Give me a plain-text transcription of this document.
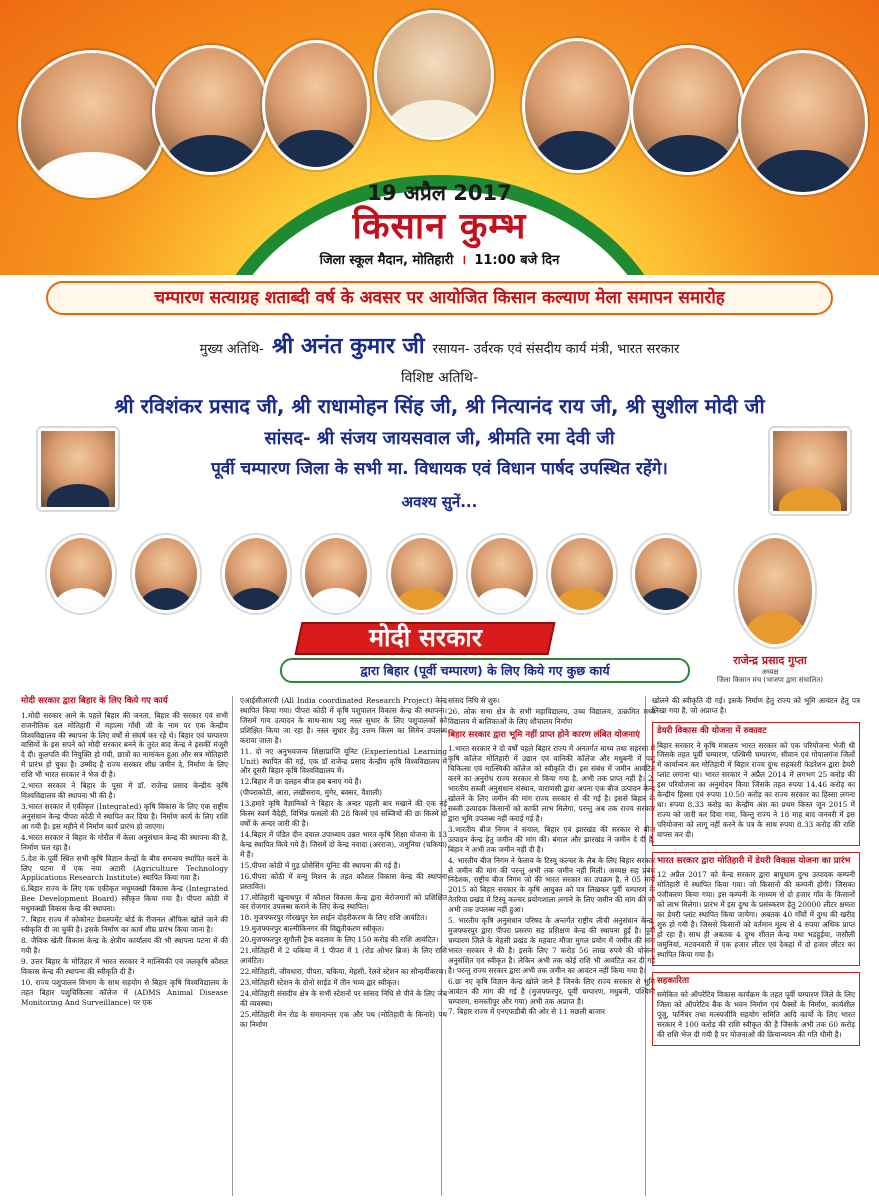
19 अप्रैल 2017
किसान कुम्भ
जिला स्कूल मैदान, मोतिहारी । 11:00 बजे दिन
चम्पारण सत्याग्रह शताब्दी वर्ष के अवसर पर आयोजित किसान कल्याण मेला समापन समारोह
मुख्य अतिथि- श्री अनंत कुमार जी रसायन- उर्वरक एवं संसदीय कार्य मंत्री, भारत सरकार
विशिष्ट अतिथि-
श्री रविशंकर प्रसाद जी, श्री राधामोहन सिंह जी, श्री नित्यानंद राय जी, श्री सुशील मोदी जी
सांसद- श्री संजय जायसवाल जी, श्रीमति रमा देवी जी
पूर्वी चम्पारण जिला के सभी मा. विधायक एवं विधान पार्षद उपस्थित रहेंगे।
अवश्य सुनें...
राजेन्द्र प्रसाद गुप्ता
अध्यक्ष
जिला किसान मंच (भाजपा द्वारा संचालित)
मोदी सरकार
द्वारा बिहार (पूर्वी चम्पारण) के लिए किये गए कुछ कार्य
मोदी सरकार द्वारा बिहार के लिए किये गए कार्य

1.मोदी सरकार आने के पहले बिहार की जनता, बिहार की सरकार एवं सभी राजनीतिक दल मोतिहारी में महात्मा गाँधी जी के नाम पर एक केन्द्रीय विश्वविद्यालय की स्थापना के लिए वर्षों से संघर्ष कर रहे थे। बिहार एवं चम्पारण वासियों के इस सपने को मोदी सरकार बनने के तुरंत बाद केन्द्र ने इसकी मंजूरी दे दी। कुलपति की नियुक्ति हो गयी, छात्रों का नामांकन हुआ और सत्र मोतिहारी में प्रारंभ हो चुका है। उम्मीद है राज्य सरकार शीघ्र जमीन दे, निर्माण के लिए राशि भी भारत सरकार ने भेज दी है।

2.भारत सरकार ने बिहार के पूसा में डॉ. राजेन्द्र प्रसाद केन्द्रीय कृषि विश्वविद्यालय की स्थापना भी की है।

3.भारत सरकार में एकीकृत (Integrated) कृषि विकास के लिए एक राष्ट्रीय अनुसंधान केन्द्र पीपरा कोठी में स्थापित कर दिया है। निर्माण कार्य के लिए राशि आ गयी है। इस महीने में निर्माण कार्य प्रारंभ हो जाएगा।

4.भारत सरकार ने बिहार के गोरौल में केला अनुसंधान केन्द्र की स्थापना की है, निर्माण चल रहा है।

5.देश के पूर्वी स्थित सभी कृषि विज्ञान केन्द्रों के बीच समन्वय स्थापित करने के लिए पटना में एक नया अटारी (Agriculture Technology Applications Research Institute) स्थापित किया गया है।

6.बिहार राज्य के लिए एक एकीकृत मधुमक्खी विकास केन्द्र (Integrated Bee Development Board) स्वीकृत किया गया है। पीपरा कोठी में मधुमक्खी विकास केन्द्र की स्थापना।

7. बिहार राज्य में कोकोनट डेवलपमेंट बोर्ड के रीजनल ऑफिस खोले जाने की स्वीकृति दी जा चुकी है। इसके निर्माण का कार्य शीघ्र प्रारंभ किया जाना है।

8. जैविक खेती विकास केन्द्र के क्षेत्रीय कार्यालय की भी स्थापना पटना में की गयी है।

9. उत्तर बिहार के मोतिहार में भारत सरकार ने मात्स्यिकी एवं जलकृषि कौशल विकास केन्द्र की स्थापना की स्वीकृति दी है।

10. राज्य पशुपालन विभाग के साथ सहयोग से बिहार कृषि विश्वविद्यालय के तहत बिहार पशुचिकित्सा कॉलेज में (ADMS Animal Disease Monitoring And Surveillance) पर एक

एआईसीआरपी (All India coordinated Research Project) केन्द्र स्थापित किया गया। पीपरा कोठी में कृषि पशुपालन विकास केन्द्र की स्थापना। जिसमें गाय उत्पादन के साथ-साथ पशु नस्ल सुधार के लिए पशुपालकों को प्रशिक्षित किया जा रहा है। नस्ल सुधार हेतु उत्तम किस्म का सिमेन उपलब्ध कराया जाता है।

11. दो नए अनुभवजन्य शिक्षाप्राप्ति यूनिट (Experiential Learning Unit) स्थापित की गई, एक डॉ राजेन्द्र प्रसाद केन्द्रीय कृषि विश्वविद्यालय में और दूसरी बिहार कृषि विश्वविद्यालय में।

12.बिहार में छः दलहन बीज हब बनाए गये हैं।

(पीपराकोठी, आरा, लखीसराय, मुंगेर, बक्सर, वैशाली)

13.हमारे कृषि वैज्ञानिकों ने बिहार के अन्दर पहली बार मखाने की एक नई किस्म स्वर्ण वैदेही, विभिन्न फसलों की 28 किस्में एवं सब्जियों की छः किस्में दो वर्षों के अन्दर जारी की है।

14.बिहार में पंडित दीन दयाल उपाध्याय उन्नत भारत कृषि शिक्षा योजना के 13 केन्द्र स्थापित किये गये हैं। जिसमें दो केन्द्र नवादा (अरराज), जमुनिया (चकिया) में हैं।

15.पीपरा कोठी में गुड़ प्रोसेसिंग यूनिट की स्थापना की गई है।

16.पीपरा कोठी में वन्यु मिशन के तहत कौशल विकास केन्द्र की स्थापना प्रस्तावित।

17.मोतिहारी खुनाथपुर में कौशल विकास केन्द्र द्वारा बेरोजगारों को प्रशिक्षित कर रोजगार उपलब्ध कराने के लिए केन्द्र स्थापित।

18. मुजफ्फरपुर गोरखपुर रेल लाईन दोहरीकरण के लिए राशि आवंटित।

19.मुजफ्फरपुर बाल्मीकिनगर की विद्युतीकरण स्वीकृत।

20.मुजफ्फरपुर सुगौली ट्रैक बदलाव के लिए 150 करोड़ की राशि आवंटित।

21.मोतिहारी में 2 चकिया में 1 पीपरा में 1 (रोड ओभर ब्रिज) के लिए राशि आवंटित।

22.मोतिहारी, जीवधारा, पीपरा, चकिया, मेहसी, रेलवे स्टेशन का सौन्दर्यीकरण।

23.मोतिहारी स्टेशन के दोनो साईड में तीन भव्य द्वार स्वीकृत।

24.मोतिहारी संसदीय क्षेत्र के सभी स्टेशनों पर सांसद निधि से पीने के लिए जेब की व्यवस्था।

25.मोतिहारी मेन रोड के समानान्तर एक और पथ (मोतिहारी के किनारे) पथ का निर्माण

सांसद निधि से शुरु।

26. लोक सभा क्षेत्र के सभी महाविद्यालय, उच्च विद्यालय, उत्क्रमित मध्य विद्यालय में बालिकाओं के लिए शौचालय निर्माण

बिहार सरकार द्वारा भूमि नहीं प्राप्त होने कारण लंबित योजनाएं

1.भारत सरकार ने दो वर्षों पहले बिहार राज्य में अनतर्गत माध्य तथा सहरसा में कृषि कॉलेज मोतिहारी में उद्यान एवं वानिकी कॉलेज और मधुबनी में पशु चिकित्सा एवं मात्स्यिकी कॉलेज को स्वीकृति दी। इस संबंध में जमीन आवंटित करने का अनुरोध राज्य सरकार से किया गया है, अभी तक प्राप्त नहीं है। 2. भारतीय सब्जी अनुसंधान संस्थान, वाराणसी द्वारा अपना एक बीज उत्पादन केन्द्र खोलने के लिए जमीन की मांग राज्य सरकार से की गई है। इससे बिहार के सब्जी उत्पादक किसानों को काफी लाभ मिलेगा, परन्तु अब तक राज्य सरकार द्वारा भूमि उपलब्ध नहीं कराई गई है।

3.भारतीय बीज निगम ने संयाल, बिहार एवं झारखंड की सरकार से बीज उत्पादन केन्द्र हेतु जमीन की मांग की। बंगाल और झारखंड ने जमीन दे दी है, बिहार ने अभी तक जमीन नहीं दी है।

4. भारतीय बीज निगम ने फेलाव के टिस्यू कल्चर के लैब के लिए बिहार सरकार से जमीन की मांग की परन्तु अभी तक जमीन नहीं मिली। अध्यक्ष सह प्रबंध निदेशक, राष्ट्रीय बीज निगम जो की भारत सरकार का उपक्रम है, ने 05 मार्च 2015 को बिहार सरकार के कृषि आयुक्त को पत्र लिखकर पूर्वी चम्पारण के तेतरिया प्रखंड में टिस्यू कल्चर प्रयोगशाला लगाने के लिए जमीन की मांग की जो अभी तक उपलब्ध नहीं हुआ।

5. भारतीय कृषि अनुसंधान परिषद के अन्तर्गत राष्ट्रीय लीची अनुसंधान केन्द्र, मुजफ्फरपुर द्वारा पीपरा प्रसरण सह प्रशिक्षण केन्द्र की स्थापना हुई है। पूर्वी चम्पारण जिले के मेहसी प्रखंड के महवाट मौजा मुगल प्रयोग में जमीन की मांग भारत सरकार ने की है। इसके लिए 7 करोड़ 56 लाख रुपये की योजना अनुसंशित एवं स्वीकृत है। लेकिन अभी तक कोई राशि भी आवंटित कर दी गई है। परन्तु राज्य सरकार द्वारा अभी तक जमीन का आवंटन नहीं किया गया है।

6.छः नए कृषि विज्ञान केन्द्र खोले जाने हैं जिनके लिए राज्य सरकार से भूमि आवंटन की मांग की गई है (मुजफ्फरपुर, पूर्वी चम्पारण, मधुबनी, पश्चिमी चम्पारण, समस्तीपुर और गया) अभी तक अप्राप्त है।

7. बिहार राज्य में एनएफडीबी की ओर से 11 मछली बाजार

खोलने की स्वीकृति दी गई। इसके निर्माण हेतु राज्य को भूमि आवंटन हेतु पत्र लिखा गया है, जो अप्राप्त है।

डेयरी विकास की योजना में रुकावट

बिहार सरकार ने कृषि मंत्रालय भारत सरकार को एक परियोजना भेजी थी जिसके तहत पूर्वी चम्पारण, पश्चिमी चम्पारण, सीवान एवं गोपालगंज जिलों में कार्यान्वन कर मोतिहारी में बिहार राज्य दुग्ध सहकारी फेडरेशन द्वारा डेयरी प्लांट लगाना था। भारत सरकार ने अप्रैल 2014 में लगभग 25 करोड़ की इस परियोजना का अनुमोदन किया जिसके तहत रुपया 14.46 करोड़ का केन्द्रीय हिस्सा एवं रुपया 10.50 करोड़ का राज्य सरकार का हिस्सा लगना था। रुपया 8.33 करोड़ का केन्द्रीय अंश का प्रथम किस्त जून 2015 में राज्य को जारी कर दिया गया, किन्तु राज्य ने 18 माह बाद जनवरी में इस परियोजना को लागू नहीं करने के पत्र के साथ रुपया 8.33 करोड़ की राशि वापस कर दी।

भारत सरकार द्वारा मोतिहारी में डेयरी विकास योजना का प्रारंभ

12 अप्रैल 2017 को केन्द्र सरकार द्वारा बापूधाम दुग्ध उत्पादक कम्पनी मोतिहारी में स्थापित किया गया। जो किसानों की कम्पनी होगी। जिसका पंजीकरण किया गया। इस कम्पनी के माध्यम से दो हजार गाँव के किसानों को लाभ मिलेगा। प्रारंभ में इस दुग्ध के प्रसंस्करण हेतु 20000 लीटर क्षमता का डेयरी प्लांट स्थापित किया जायेगा। अबतक 40 गाँवों में दुग्ध की खरीद शुरु हो गयी है। जिससे किसानों को वर्तमान मूल्य से 4 रुपया अधिक प्राप्त हो रहा है। साथ ही अबतक 4 दुग्ध शीतल केन्द्र यथा भडहुईया, जसौली जमुनियां, मटवनवारी में एक हजार लीटर एवं देकहां में दो हजार लीटर का स्थापित किया गया है।

सहकारिता

समेकित को ऑपरेटिव विकास कार्यक्रम के तहत पूर्वी चम्पारण जिले के लिए जिला को ऑपरेटिव बैंक के भवन निर्माण एवं पैक्सों के निर्माण, कार्यशील पूंजु, फर्निचर तथा मत्स्यजीवि सहयोग समिति आदि कार्यो के लिए भारत सरकार ने 100 करोड़ की राशि स्वीकृत की है जिसके अभी तक 60 करोड़ की राशि भेज दी गयी है पर योजनाओं की क्रियान्वयन की गति धीमी है।
